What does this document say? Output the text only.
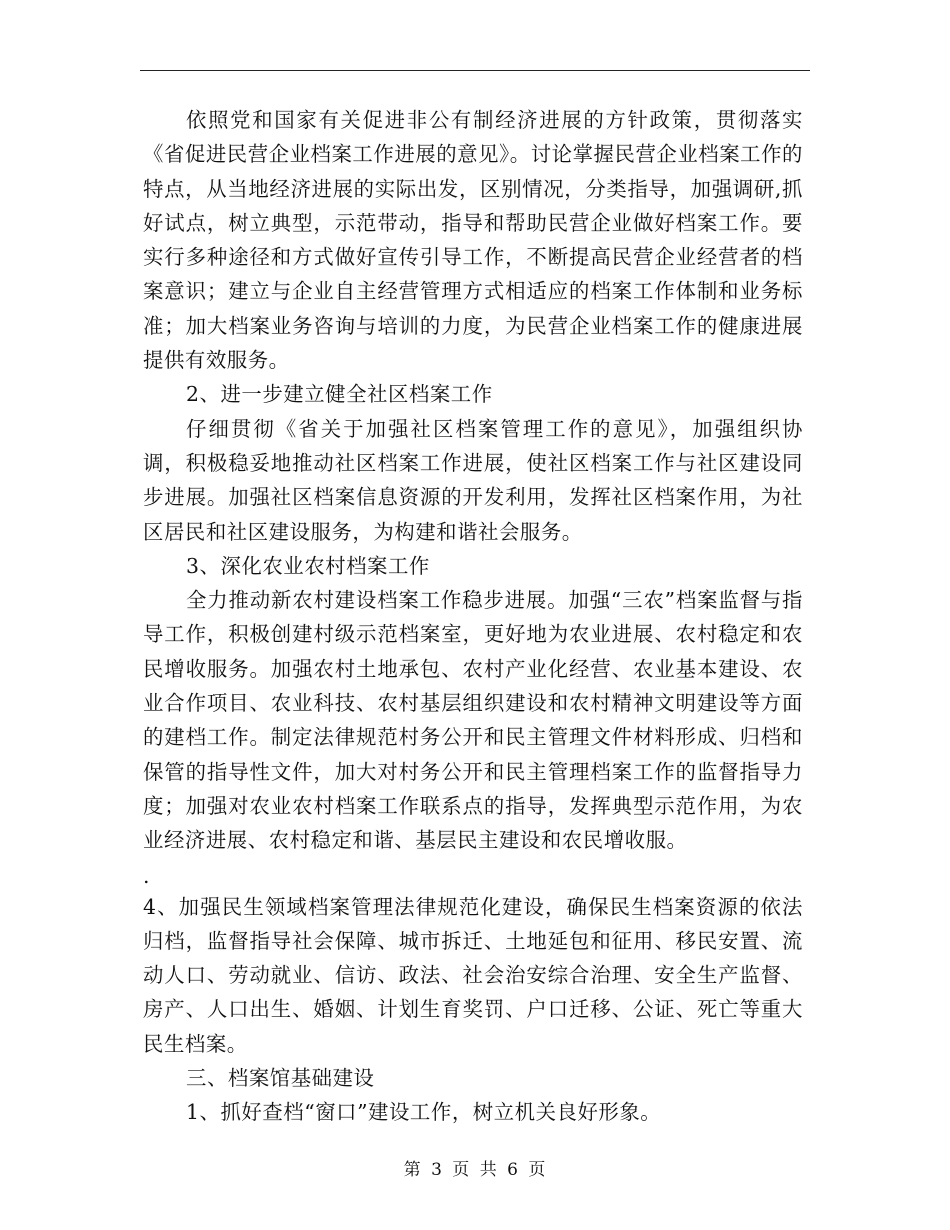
依照党和国家有关促进非公有制经济进展的方针政策，贯彻落实《省促进民营企业档案工作进展的意见》。讨论掌握民营企业档案工作的特点，从当地经济进展的实际出发，区别情况，分类指导，加强调研,抓好试点，树立典型，示范带动，指导和帮助民营企业做好档案工作。要实行多种途径和方式做好宣传引导工作，不断提高民营企业经营者的档案意识；建立与企业自主经营管理方式相适应的档案工作体制和业务标准；加大档案业务咨询与培训的力度，为民营企业档案工作的健康进展提供有效服务。

2、进一步建立健全社区档案工作

仔细贯彻《省关于加强社区档案管理工作的意见》，加强组织协调，积极稳妥地推动社区档案工作进展，使社区档案工作与社区建设同步进展。加强社区档案信息资源的开发利用，发挥社区档案作用，为社区居民和社区建设服务，为构建和谐社会服务。

3、深化农业农村档案工作

全力推动新农村建设档案工作稳步进展。加强“三农”档案监督与指导工作，积极创建村级示范档案室，更好地为农业进展、农村稳定和农民增收服务。加强农村土地承包、农村产业化经营、农业基本建设、农业合作项目、农业科技、农村基层组织建设和农村精神文明建设等方面的建档工作。制定法律规范村务公开和民主管理文件材料形成、归档和保管的指导性文件，加大对村务公开和民主管理档案工作的监督指导力度；加强对农业农村档案工作联系点的指导，发挥典型示范作用，为农业经济进展、农村稳定和谐、基层民主建设和农民增收服。

.

4、加强民生领域档案管理法律规范化建设，确保民生档案资源的依法归档，监督指导社会保障、城市拆迁、土地延包和征用、移民安置、流动人口、劳动就业、信访、政法、社会治安综合治理、安全生产监督、房产、人口出生、婚姻、计划生育奖罚、户口迁移、公证、死亡等重大民生档案。

三、档案馆基础建设

1、抓好查档“窗口”建设工作，树立机关良好形象。

第 3 页 共 6 页
